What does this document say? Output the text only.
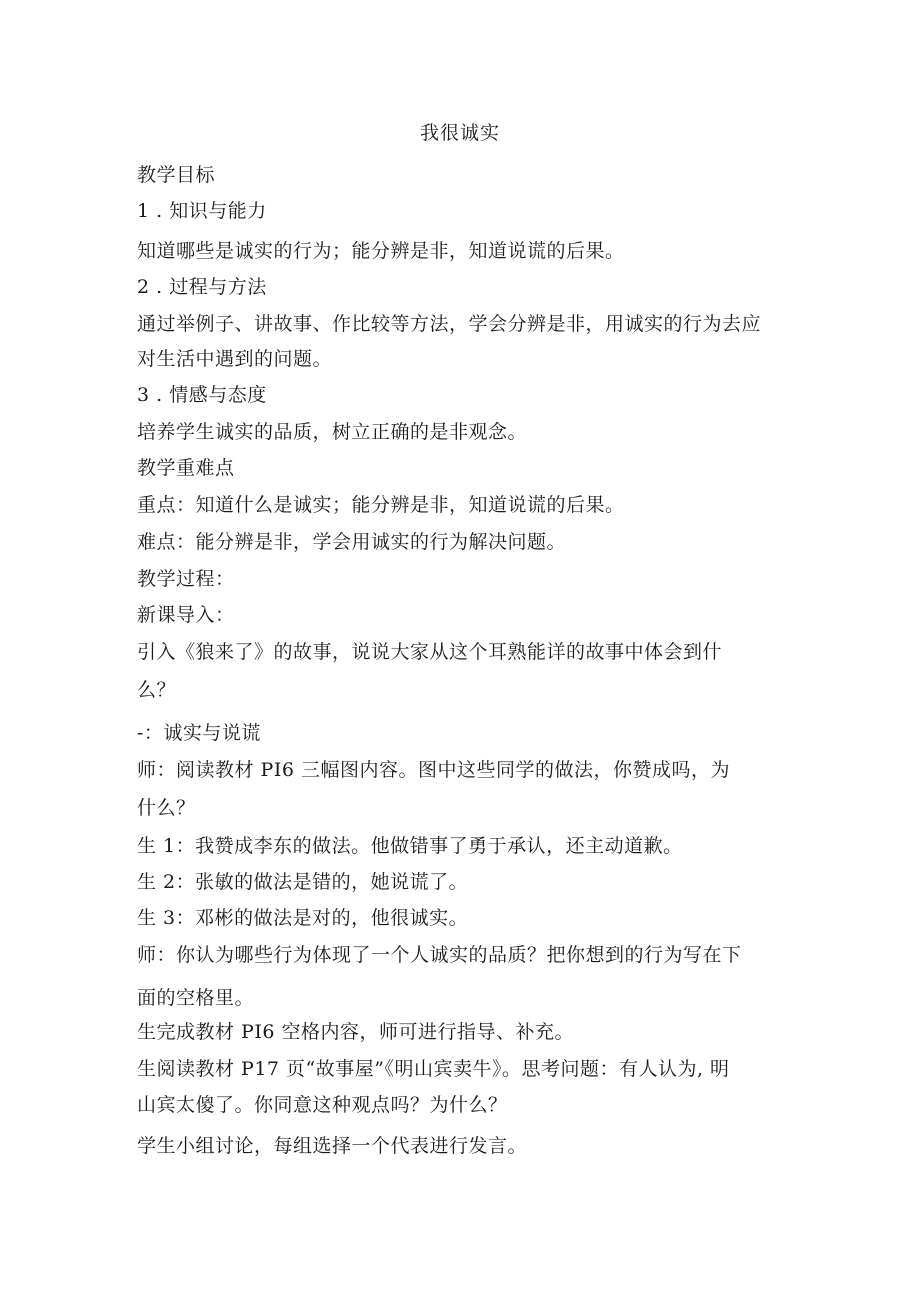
我很诚实
教学目标
1 . 知识与能力
知道哪些是诚实的行为；能分辨是非，知道说谎的后果。
2 . 过程与方法
通过举例子、讲故事、作比较等方法，学会分辨是非，用诚实的行为去应
对生活中遇到的问题。
3 . 情感与态度
培养学生诚实的品质，树立正确的是非观念。
教学重难点
重点：知道什么是诚实；能分辨是非，知道说谎的后果。
难点：能分辨是非，学会用诚实的行为解决问题。
教学过程：
新课导入：
引入《狼来了》的故事，说说大家从这个耳熟能详的故事中体会到什
么？
-：诚实与说谎
师：阅读教材 PI6 三幅图内容。图中这些同学的做法，你赞成吗，为
什么？
生 1：我赞成李东的做法。他做错事了勇于承认，还主动道歉。
生 2：张敏的做法是错的，她说谎了。
生 3：邓彬的做法是对的，他很诚实。
师：你认为哪些行为体现了一个人诚实的品质？把你想到的行为写在下
面的空格里。
生完成教材 PI6 空格内容，师可进行指导、补充。
生阅读教材 P17 页“故事屋”《明山宾卖牛》。思考问题：有人认为, 明
山宾太傻了。你同意这种观点吗？为什么？
学生小组讨论，每组选择一个代表进行发言。
